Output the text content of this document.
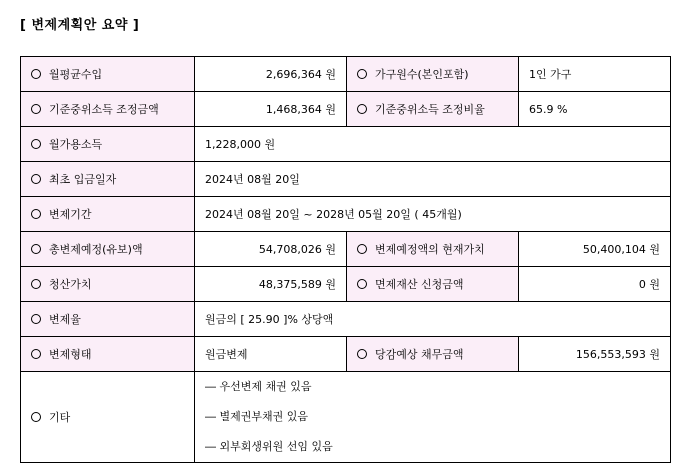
[ 변제계획안 요약 ]
월평균수입	2,696,364 원	가구원수(본인포함)	1인 가구
기준중위소득 조정금액	1,468,364 원	기준중위소득 조정비율	65.9 %
월가용소득	1,228,000 원		
최초 입금일자	2024년 08월 20일		
변제기간	2024년 08월 20일 ~ 2028년 05월 20일 ( 45개월)		
총변제예정(유보)액	54,708,026 원	변제예정액의 현재가치	50,400,104 원
청산가치	48,375,589 원	면제재산 신청금액	0 원
변제율	원금의 [ 25.90 ]% 상당액		
변제형태	원금변제	당감예상 채무금액	156,553,593 원
기타	― 우선변제 채권 있음
― 별제권부채권 있음
― 외부회생위원 선임 있음		
